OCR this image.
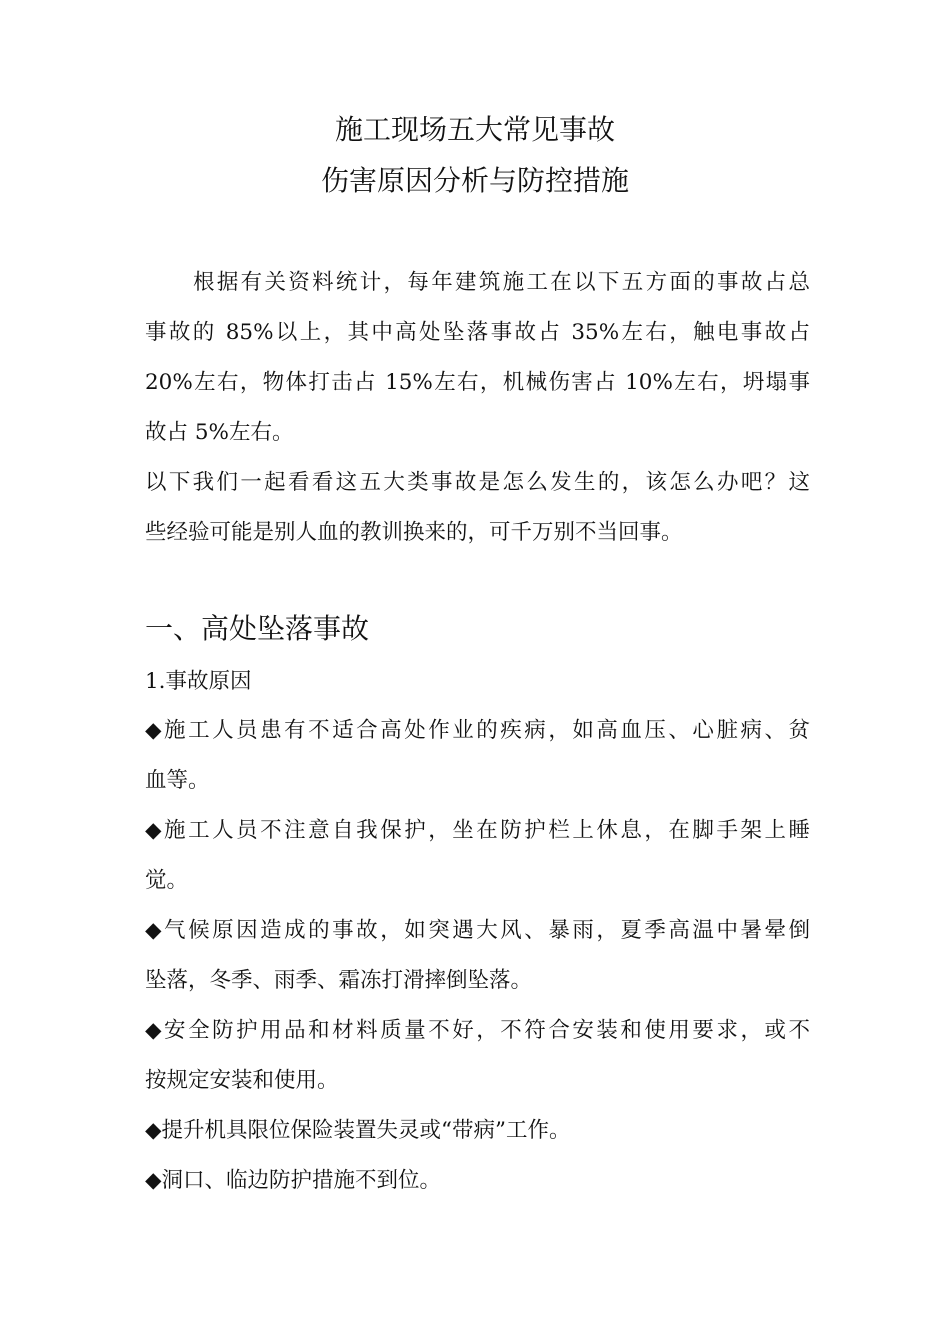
施工现场五大常见事故
伤害原因分析与防控措施
根据有关资料统计，每年建筑施工在以下五方面的事故占总
事故的 85%以上，其中高处坠落事故占 35%左右，触电事故占
20%左右，物体打击占 15%左右，机械伤害占 10%左右，坍塌事
故占 5%左右。
以下我们一起看看这五大类事故是怎么发生的，该怎么办吧？这
些经验可能是别人血的教训换来的，可千万别不当回事。
一、高处坠落事故
1.事故原因
◆施工人员患有不适合高处作业的疾病，如高血压、心脏病、贫
血等。
◆施工人员不注意自我保护，坐在防护栏上休息，在脚手架上睡
觉。
◆气候原因造成的事故，如突遇大风、暴雨，夏季高温中暑晕倒
坠落，冬季、雨季、霜冻打滑摔倒坠落。
◆安全防护用品和材料质量不好，不符合安装和使用要求，或不
按规定安装和使用。
◆提升机具限位保险装置失灵或“带病”工作。
◆洞口、临边防护措施不到位。
